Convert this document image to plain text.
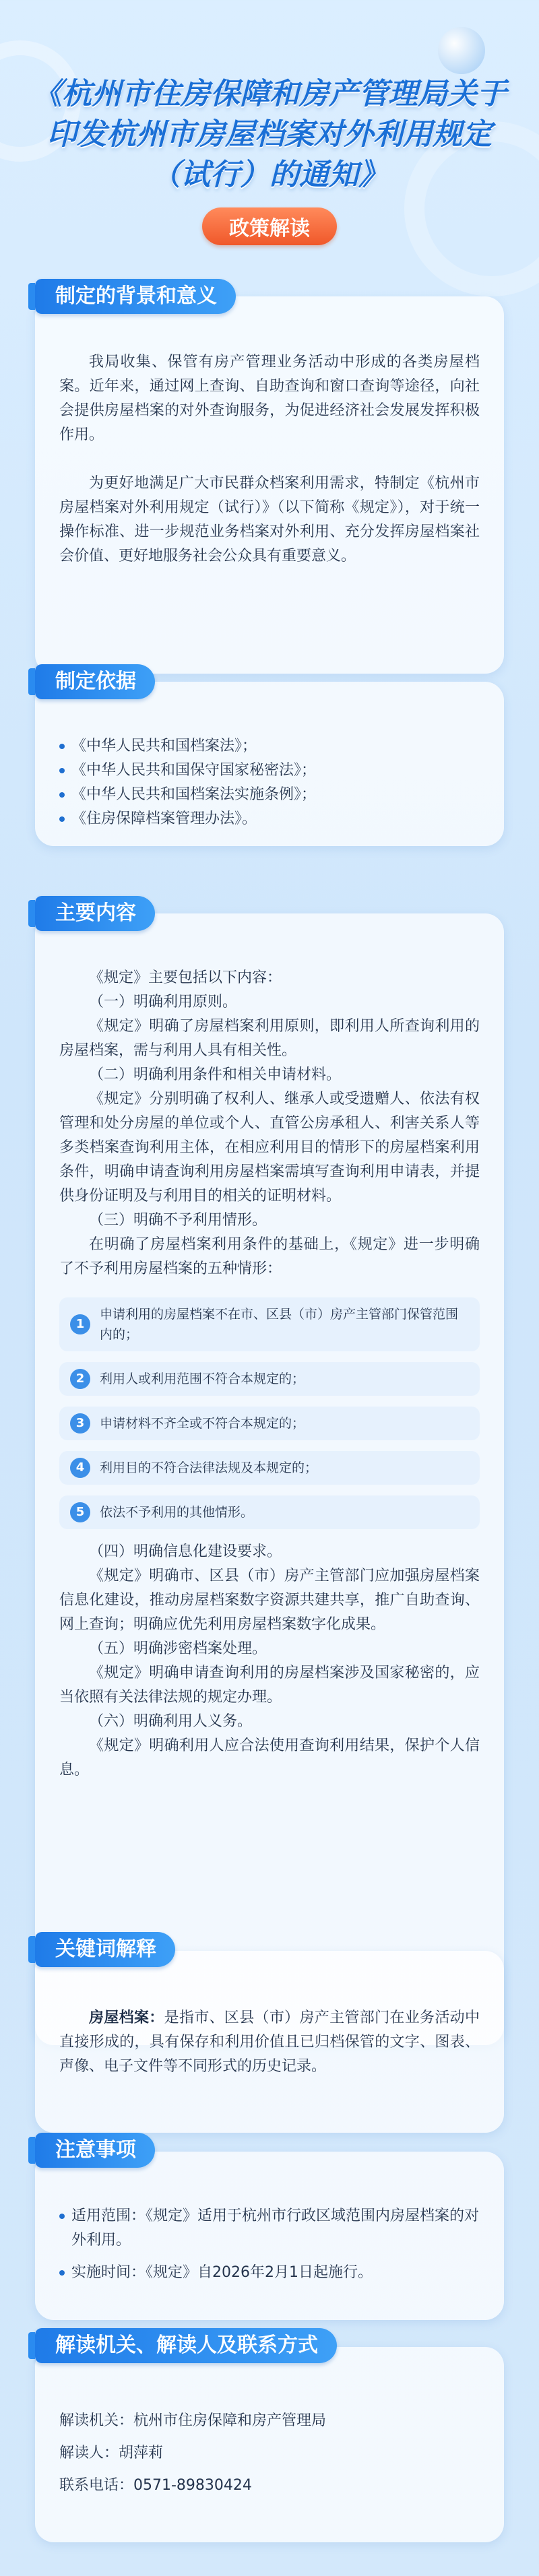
《杭州市住房保障和房产管理局关于
印发杭州市房屋档案对外利用规定
（试行）的通知》
政策解读
我局收集、保管有房产管理业务活动中形成的各类房屋档案。近年来，通过网上查询、自助查询和窗口查询等途径，向社会提供房屋档案的对外查询服务，为促进经济社会发展发挥积极作用。
为更好地满足广大市民群众档案利用需求，特制定《杭州市房屋档案对外利用规定（试行）》（以下简称《规定》），对于统一操作标准、进一步规范业务档案对外利用、充分发挥房屋档案社会价值、更好地服务社会公众具有重要意义。
制定的背景和意义
《中华人民共和国档案法》；
《中华人民共和国保守国家秘密法》；
《中华人民共和国档案法实施条例》；
《住房保障档案管理办法》。
制定依据
《规定》主要包括以下内容：
（一）明确利用原则。
《规定》明确了房屋档案利用原则，即利用人所查询利用的房屋档案，需与利用人具有相关性。
（二）明确利用条件和相关申请材料。
《规定》分别明确了权利人、继承人或受遗赠人、依法有权管理和处分房屋的单位或个人、直管公房承租人、利害关系人等多类档案查询利用主体，在相应利用目的情形下的房屋档案利用条件，明确申请查询利用房屋档案需填写查询利用申请表，并提供身份证明及与利用目的相关的证明材料。
（三）明确不予利用情形。
在明确了房屋档案利用条件的基础上，《规定》进一步明确了不予利用房屋档案的五种情形：
1
申请利用的房屋档案不在市、区县（市）房产主管部门保管范围内的；
2	利用人或利用范围不符合本规定的；
3	申请材料不齐全或不符合本规定的；
4	利用目的不符合法律法规及本规定的；
5	依法不予利用的其他情形。
（四）明确信息化建设要求。
《规定》明确市、区县（市）房产主管部门应加强房屋档案信息化建设，推动房屋档案数字资源共建共享，推广自助查询、网上查询；明确应优先利用房屋档案数字化成果。
（五）明确涉密档案处理。
《规定》明确申请查询利用的房屋档案涉及国家秘密的，应当依照有关法律法规的规定办理。
（六）明确利用人义务。
《规定》明确利用人应合法使用查询利用结果，保护个人信息。
主要内容
房屋档案：是指市、区县（市）房产主管部门在业务活动中直接形成的，具有保存和利用价值且已归档保管的文字、图表、声像、电子文件等不同形式的历史记录。
关键词解释
适用范围：《规定》适用于杭州市行政区域范围内房屋档案的对外利用。
实施时间：《规定》自2026年2月1日起施行。
注意事项
解读机关：杭州市住房保障和房产管理局
解读人：胡萍莉
联系电话：0571-89830424
解读机关、解读人及联系方式
